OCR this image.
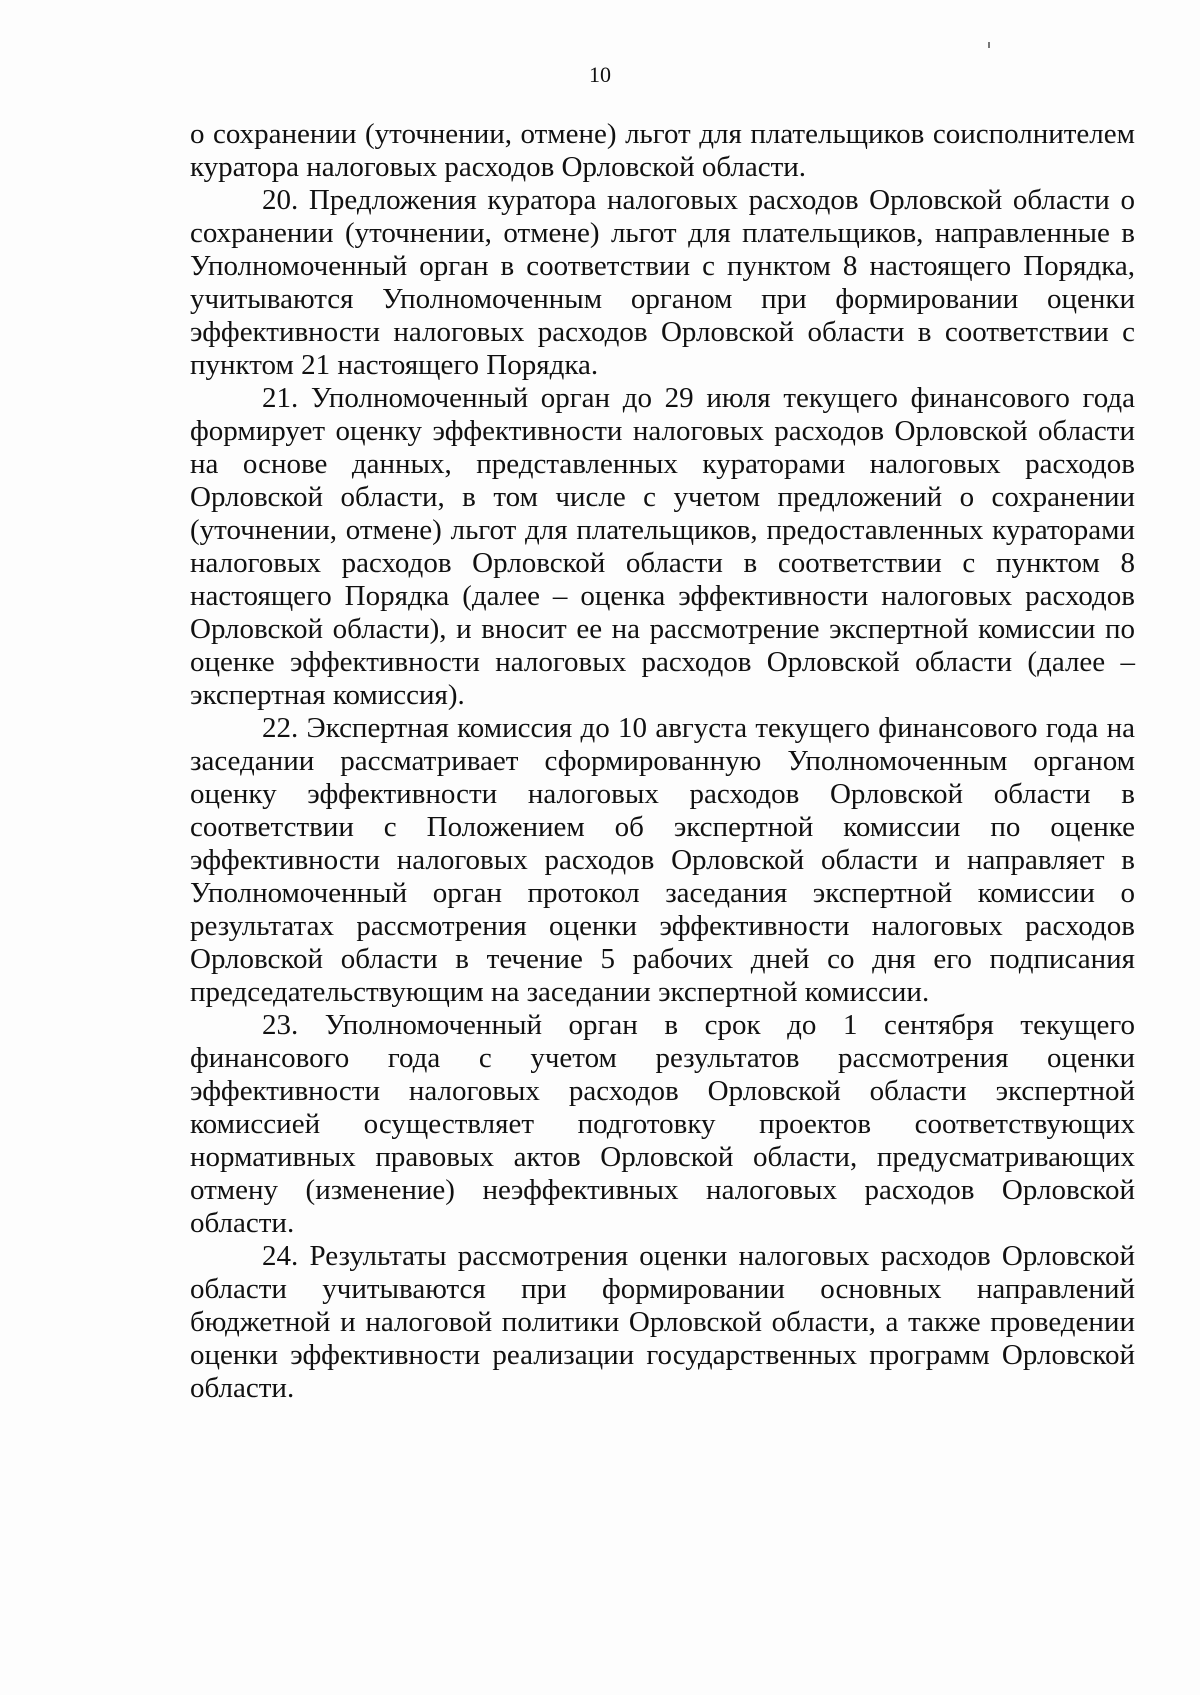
10

о сохранении (уточнении, отмене) льгот для плательщиков соисполнителем куратора налоговых расходов Орловской области.

20. Предложения куратора налоговых расходов Орловской области о сохранении (уточнении, отмене) льгот для плательщиков, направленные в Уполномоченный орган в соответствии с пунктом 8 настоящего Порядка, учитываются Уполномоченным органом при формировании оценки эффективности налоговых расходов Орловской области в соответствии с пунктом 21 настоящего Порядка.

21. Уполномоченный орган до 29 июля текущего финансового года формирует оценку эффективности налоговых расходов Орловской области на основе данных, представленных кураторами налоговых расходов Орловской области, в том числе с учетом предложений о сохранении (уточнении, отмене) льгот для плательщиков, предоставленных кураторами налоговых расходов Орловской области в соответствии с пунктом 8 настоящего Порядка (далее – оценка эффективности налоговых расходов Орловской области), и вносит ее на рассмотрение экспертной комиссии по оценке эффективности налоговых расходов Орловской области (далее – экспертная комиссия).

22. Экспертная комиссия до 10 августа текущего финансового года на заседании рассматривает сформированную Уполномоченным органом оценку эффективности налоговых расходов Орловской области в соответствии с Положением об экспертной комиссии по оценке эффективности налоговых расходов Орловской области и направляет в Уполномоченный орган протокол заседания экспертной комиссии о результатах рассмотрения оценки эффективности налоговых расходов Орловской области в течение 5 рабочих дней со дня его подписания председательствующим на заседании экспертной комиссии.

23. Уполномоченный орган в срок до 1 сентября текущего финансового года с учетом результатов рассмотрения оценки эффективности налоговых расходов Орловской области экспертной комиссией осуществляет подготовку проектов соответствующих нормативных правовых актов Орловской области, предусматривающих отмену (изменение) неэффективных налоговых расходов Орловской области.

24. Результаты рассмотрения оценки налоговых расходов Орловской области учитываются при формировании основных направлений бюджетной и налоговой политики Орловской области, а также проведении оценки эффективности реализации государственных программ Орловской области.
